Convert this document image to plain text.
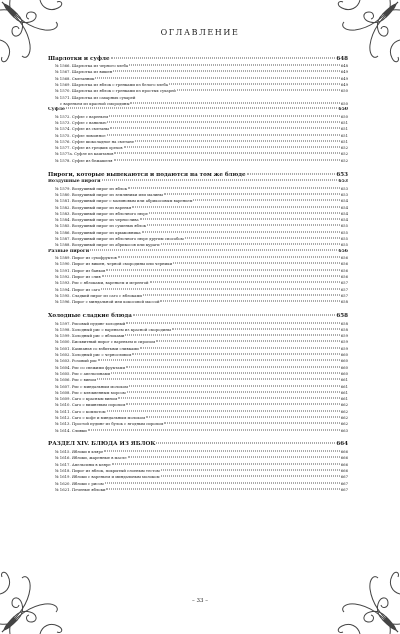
ОГЛАВЛЕНИЕ
Шарлотки и суфле	648
№ 1566. Шарлотка из черного хлеба	648
№ 1567. Шарлотка из вишен	649
№ 1568. Сметанник	649
№ 1569. Шарлотка из яблок с гренками из белого хлеба	649
№ 1570. Шарлотка из яблок с гренками из простых сухарей	650
№ 1571. Шарлотка из сахарных сухарей
с вареньем из красной смородины	650
Суфле	650
№ 1572. Суфле с вареньем	650
№ 1573. Суфле с ванилью	651
№ 1574. Суфле из сметаны	651
№ 1575. Суфле лимонное	651
№ 1576. Суфле шоколадное на сметане	651
№ 1577. Суфле из грецких орехов	652
№ 1577а. Суфле из каштанов	652
№ 1578. Суфле из бежашеля	652
Пироги, которые выпекаются и подаются на том же блюде	653
Воздушные пироги	653
№ 1579. Воздушный пирог из яблок	653
№ 1580. Воздушный пирог из земляники или малины	653
№ 1581. Воздушный пирог с малиновым или абрикосовым вареньем	654
№ 1582. Воздушный пирог из варенья	654
№ 1583. Воздушный пирог из яблочного пюре	654
№ 1584. Воздушный пирог из чернослива	654
№ 1585. Воздушный пирог из сушеных яблок	655
№ 1586. Воздушный пирог из крыжовника	655
№ 1587. Воздушный пирог из яблочного пюре другим способом	655
№ 1588. Воздушный пирог из абрикосов или кураги	655
Разные пироги	656
№ 1589. Пирог из сухофруктов	656
№ 1590. Пирог из вишен, черной смородины или черники	656
№ 1591. Пирог из банков	656
№ 1592. Пирог из слив	656
№ 1593. Рис с яблоками, вареньем и меренгой	657
№ 1594. Пирог из саго	657
№ 1595. Сладкий пирог из саго с яблоками	657
№ 1596. Пирог с миндальной или кокосовой массой	658
Холодные сладкие блюда	658
№ 1597. Рисовый пудинг холодный	658
№ 1598. Холодный рис с вареньем из красной смородины	658
№ 1599. Холодный рис с яблоками	659
№ 1600. Бисквитный пирог с вареньем и сиропом	659
№ 1601. Кампанья со взбитыми сливками	659
№ 1602. Холодный рис с черносливом	660
№ 1603. Розовый рис	660
№ 1604. Рис со свежими фруктами	660
№ 1605. Рис с апельсинами	660
№ 1606. Рис с вином	661
№ 1607. Рис с миндальным молоком	661
№ 1608. Рис с клюквенным морсом	661
№ 1609. Саго с красным вином	661
№ 1610. Саго с вишневым сиропом	662
№ 1611. Саго с компотом	662
№ 1612. Саго с кофе и миндальным молоком	662
№ 1613. Простой пудинг из булок с ягодным сиропом	662
№ 1614. Сливки	663
РАЗДЕЛ XIV. БЛЮДА ИЗ ЯБЛОК	664
№ 1615. Яблоки в кляре	666
№ 1616. Яблоки, жаренные в масле	666
№ 1617. Апельсины в кляре	666
№ 1618. Пирог из яблок, покрытый слоеным тестом	666
№ 1619. Яблоки с вареньем и миндальным молоком	667
№ 1620. Яблоки с рисом	667
№ 1621. Печеные яблоки	667
– 33 –
